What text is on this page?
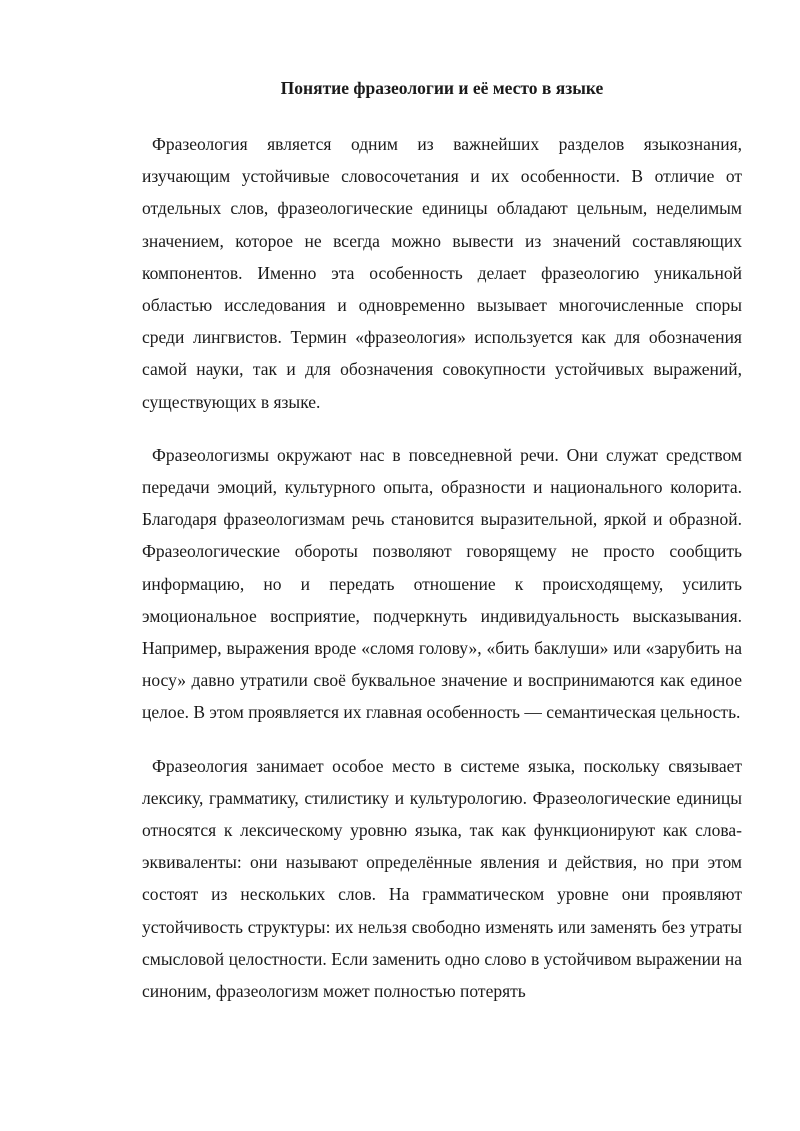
Понятие фразеологии и её место в языке

Фразеология является одним из важнейших разделов языкознания, изучающим устойчивые словосочетания и их особенности. В отличие от отдельных слов, фразеологические единицы обладают цельным, неделимым значением, которое не всегда можно вывести из значений составляющих компонентов. Именно эта особенность делает фразеологию уникальной областью исследования и одновременно вызывает многочисленные споры среди лингвистов. Термин «фразеология» используется как для обозначения самой науки, так и для обозначения совокупности устойчивых выражений, существующих в языке.

Фразеологизмы окружают нас в повседневной речи. Они служат средством передачи эмоций, культурного опыта, образности и национального колорита. Благодаря фразеологизмам речь становится выразительной, яркой и образной. Фразеологические обороты позволяют говорящему не просто сообщить информацию, но и передать отношение к происходящему, усилить эмоциональное восприятие, подчеркнуть индивидуальность высказывания. Например, выражения вроде «сломя голову», «бить баклуши» или «зарубить на носу» давно утратили своё буквальное значение и воспринимаются как единое целое. В этом проявляется их главная особенность — семантическая цельность.

Фразеология занимает особое место в системе языка, поскольку связывает лексику, грамматику, стилистику и культурологию. Фразеологические единицы относятся к лексическому уровню языка, так как функционируют как слова-эквиваленты: они называют определённые явления и действия, но при этом состоят из нескольких слов. На грамматическом уровне они проявляют устойчивость структуры: их нельзя свободно изменять или заменять без утраты смысловой целостности. Если заменить одно слово в устойчивом выражении на синоним, фразеологизм может полностью потерять
